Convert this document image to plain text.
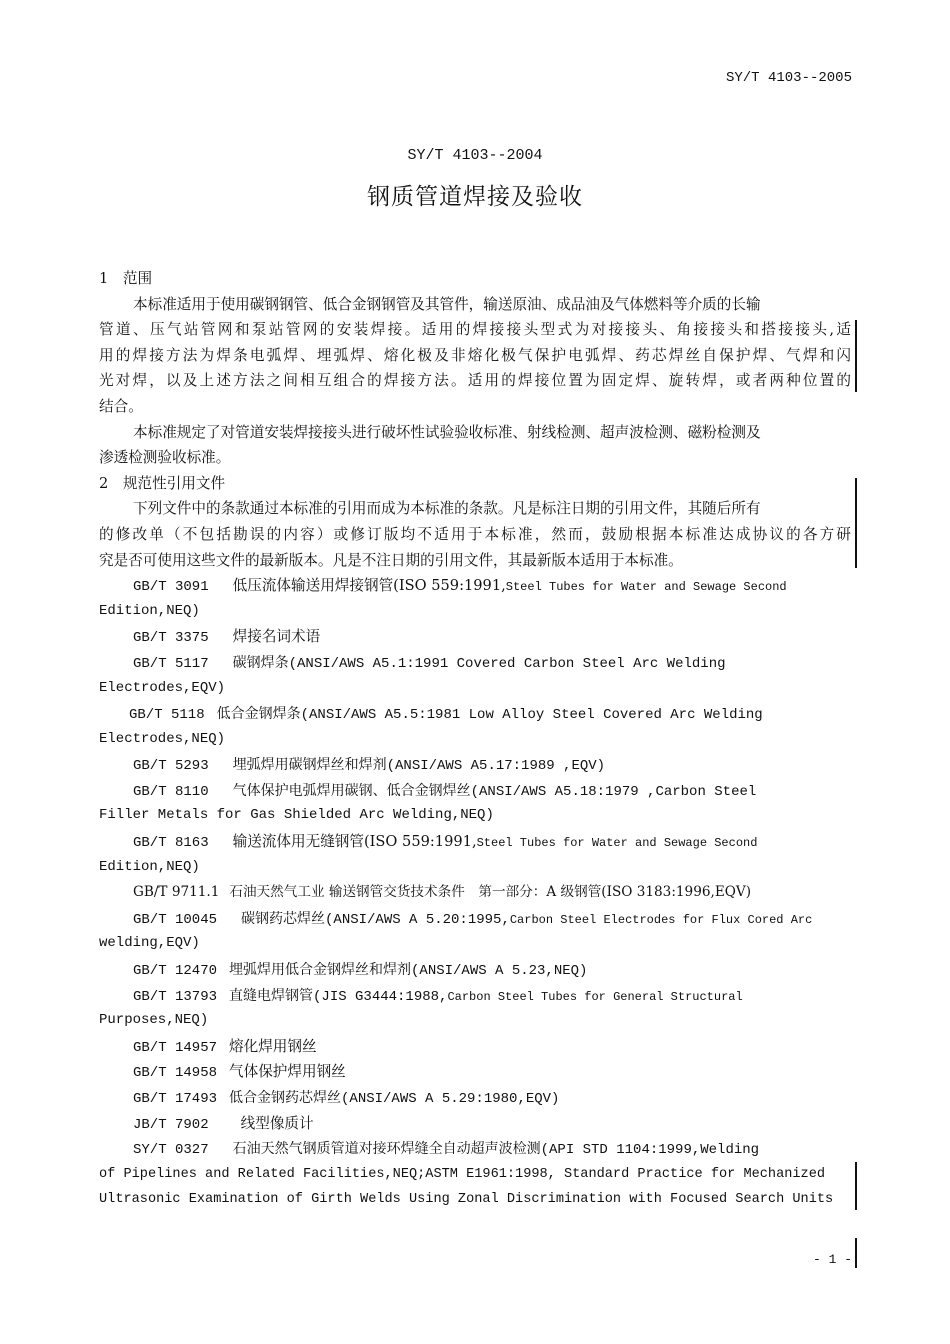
SY/T 4103--2005
SY/T 4103--2004
钢质管道焊接及验收
1　范围
本标准适用于使用碳钢钢管、低合金钢钢管及其管件，输送原油、成品油及气体燃料等介质的长输
管道、压气站管网和泵站管网的安装焊接。适用的焊接接头型式为对接接头、角接接头和搭接接头,适
用的焊接方法为焊条电弧焊、埋弧焊、熔化极及非熔化极气保护电弧焊、药芯焊丝自保护焊、气焊和闪
光对焊，以及上述方法之间相互组合的焊接方法。适用的焊接位置为固定焊、旋转焊，或者两种位置的
结合。
本标准规定了对管道安装焊接接头进行破坏性试验验收标准、射线检测、超声波检测、磁粉检测及
渗透检测验收标准。
2　规范性引用文件
下列文件中的条款通过本标准的引用而成为本标准的条款。凡是标注日期的引用文件，其随后所有
的修改单（不包括勘误的内容）或修订版均不适用于本标准，然而，鼓励根据本标准达成协议的各方研
究是否可使用这些文件的最新版本。凡是不注日期的引用文件，其最新版本适用于本标准。
GB/T 3091 低压流体输送用焊接钢管(ISO 559:1991,Steel Tubes for Water and Sewage Second
Edition,NEQ)
GB/T 3375 焊接名词术语
GB/T 5117 碳钢焊条(ANSI/AWS A5.1:1991 Covered Carbon Steel Arc Welding
Electrodes,EQV)
GB/T 5118 低合金钢焊条(ANSI/AWS A5.5:1981 Low Alloy Steel Covered Arc Welding
Electrodes,NEQ)
GB/T 5293 埋弧焊用碳钢焊丝和焊剂(ANSI/AWS A5.17:1989 ,EQV)
GB/T 8110 气体保护电弧焊用碳钢、低合金钢焊丝(ANSI/AWS A5.18:1979 ,Carbon Steel
Filler Metals for Gas Shielded Arc Welding,NEQ)
GB/T 8163 输送流体用无缝钢管(ISO 559:1991,Steel Tubes for Water and Sewage Second
Edition,NEQ)
GB/T 9711.1 石油天然气工业 输送钢管交货技术条件　第一部分：A 级钢管(ISO 3183:1996,EQV)
GB/T 10045 碳钢药芯焊丝(ANSI/AWS A 5.20:1995,Carbon Steel Electrodes for Flux Cored Arc
welding,EQV)
GB/T 12470 埋弧焊用低合金钢焊丝和焊剂(ANSI/AWS A 5.23,NEQ)
GB/T 13793 直缝电焊钢管(JIS G3444:1988,Carbon Steel Tubes for General Structural
Purposes,NEQ)
GB/T 14957 熔化焊用钢丝
GB/T 14958 气体保护焊用钢丝
GB/T 17493 低合金钢药芯焊丝(ANSI/AWS A 5.29:1980,EQV)
JB/T 7902 线型像质计
SY/T 0327 石油天然气钢质管道对接环焊缝全自动超声波检测(API STD 1104:1999,Welding
of Pipelines and Related Facilities,NEQ;ASTM E1961:1998, Standard Practice for Mechanized
Ultrasonic Examination of Girth Welds Using Zonal Discrimination with Focused Search Units
- 1 -
